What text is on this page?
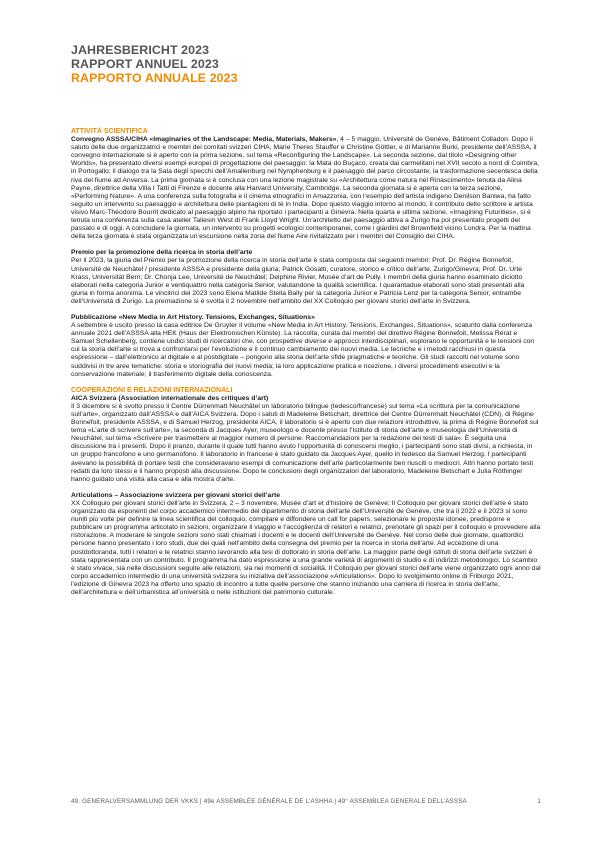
JAHRESBERICHT 2023
RAPPORT ANNUEL 2023
RAPPORTO ANNUALE 2023
ATTIVITÀ SCIENTIFICA

Convegno ASSSA/CIHA «Imaginaries of the Landscape: Media, Materials, Makers», 4 – 5 maggio, Université de Genève, Bâtiment Colladon. Dopo il saluto delle due organizzatrici e membri dei comitati svizzeri CIHA, Marie Theres Stauffer e Christine Göttler, e di Marianne Burki, presidente dell’ASSSA, il convegno internazionale si è aperto con la prima sezione, sul tema «Reconfiguring the Landscape». La seconda sezione, dal titolo «Designing other Worlds», ha presentato diversi esempi europei di progettazione del paesaggio: la Mata do Buçaco, creata dai carmelitani nel XVII secolo a nord di Coimbra, in Portogallo; il dialogo tra la Sala degli specchi dell’Amalienburg nel Nymphenburg e il paesaggio del parco circostante; la trasformazione secentesca della riva del fiume ad Anversa. La prima giornata si è conclusa con una lezione magistrale su «Architettura come natura nel Rinascimento» tenuta da Alina Payne, direttrice della Villa I Tatti di Firenze e docente alla Harvard University, Cambridge. La seconda giornata si è aperta con la terza sezione, «Performing Nature». A una conferenza sulla fotografia e il cinema etnografici in Amazzonia, con l’esempio dell’artista indigeno Denilson Baniwa, ha fatto seguito un intervento su paesaggio e architettura delle piantagioni di tè in India. Dopo questo viaggio intorno al mondo, il contributo dello scrittore e artista visivo Marc-Théodore Bourrit dedicato al paesaggio alpino ha riportato i partecipanti a Ginevra. Nella quarta e ultima sezione, «Imagining Futurities», si è tenuta una conferenza sulla casa atelier Taliesin West di Frank Lloyd Wright. Un’architetto del paesaggio attiva a Zurigo ha poi presentato progetti del passato e di oggi. A concludere la giornata, un intervento su progetti ecologici contemporanei, come i giardini del Brownfield vicino Londra. Per la mattina della terza giornata è stata organizzata un’escursione nella zona del fiume Aire rivitalizzato per i membri del Consiglio del CIHA.

Premio per la promozione della ricerca in storia dell’arte

Per il 2023, la giuria del Premio per la promozione della ricerca in storia dell’arte è stata composta dai seguenti membri: Prof. Dr. Régine Bonnefoit, Université de Neuchâtel / presidente ASSSA e presidente della giuria; Patrick Gosatti, curatore, storico e critico dell’arte, Zurigo/Ginevra; Prof. Dr. Urte Krass, Universität Bern; Dr. Chonja Lee, Université de Neuchâtel; Delphine Rivier, Musée d’art de Pully. I membri della giuria hanno esaminato diciotto elaborati nella categoria Junior e ventiquattro nella categoria Senior, valutandone la qualità scientifica. I quarantadue elaborati sono stati presentati alla giuria in forma anonima. Le vincitrici del 2023 sono Elena Matilde Stella Bally per la categoria Junior e Patricia Lenz per la categoria Senior, entrambe dell’Università di Zurigo. La premiazione si è svolta il 2 novembre nell’ambito del XX Colloquio per giovani storici dell’arte in Svizzera.

Pubblicazione «New Media in Art History. Tensions, Exchanges, Situations»

A settembre è uscito presso la casa editrice De Gruyter il volume «New Media in Art History. Tensions, Exchanges, Situations», scaturito dalla conferenza annuale 2021 dell’ASSSA alla HEK (Haus der Elektronischen Künste). La raccolta, curata dai membri del direttivo Régine Bonnefoit, Melissa Rérat e Samuel Schellenberg, contiene undici studi di ricercatori che, con prospettive diverse e approcci interdisciplinari, esplorano le opportunità e le tensioni con cui la storia dell’arte si trova a confrontarsi per l’evoluzione e il continuo cambiamento dei nuovi media. Le tecniche e i metodi racchiusi in questa espressione – dall’elettronico al digitale e al postdigitale – pongono alla storia dell’arte sfide pragmatiche e teoriche. Gli studi raccolti nel volume sono suddivisi in tre aree tematiche: storia e storiografia dei nuovi media; la loro applicazione pratica e ricezione, i diversi procedimenti esecutivi e la conservazione materiale; il trasferimento digitale della conoscenza.

COOPERAZIONI E RELAZIONI INTERNAZIONALI
AICA Svizzera (Association internationale des critiques d’art)

Il 3 dicembre si è svolto presso il Centre Dürrenmatt Neuchâtel un laboratorio bilingue (tedesco/francese) sul tema «La scrittura per la comunicazione sull’arte», organizzato dall’ASSSA e dall’AICA Svizzera. Dopo i saluti di Madeleine Betschart, direttrice del Centre Dürrenmatt Neuchâtel (CDN), di Régine Bonnefoit, presidente ASSSA, e di Samuel Herzog, presidente AICA, il laboratorio si è aperto con due relazioni introduttive, la prima di Régine Bonnefoit sul tema «L’arte di scrivere sull’arte», la seconda di Jacques Ayer, museologo e docente presso l’Istituto di storia dell’arte e museologia dell’Università di Neuchâtel, sul tema «Scrivere per trasmettere al maggior numero di persone. Raccomandazioni per la redazione dei testi di sala». È seguita una discussione tra i presenti. Dopo il pranzo, durante il quale tutti hanno avuto l’opportunità di conoscersi meglio, i partecipanti sono stati divisi, a richiesta, in un gruppo francofono e uno germanofono. Il laboratorio in francese è stato guidato da Jacques Ayer, quello in tedesco da Samuel Herzog. I partecipanti avevano la possibilità di portare testi che consideravano esempi di comunicazione dell’arte particolarmente ben riusciti o mediocri. Altri hanno portato testi redatti da loro stessi e li hanno proposti alla discussione. Dopo le conclusioni degli organizzatori del laboratorio, Madeleine Betschart e Julia Röthinger hanno guidato una visita alla casa e alla mostra d’arte.

Articulations – Associazione svizzera per giovani storici dell’arte

XX Colloquio per giovani storici dell’arte in Svizzera, 2 – 3 novembre, Musée d’art et d’histoire de Genève: Il Colloquio per giovani storici dell’arte è stato organizzato da esponenti del corpo accademico intermedio del dipartimento di storia dell’arte dell’Université de Genève, che tra il 2022 e il 2023 si sono riuniti più volte per definire la linea scientifica del colloquio, compilare e diffondere un call for papers, selezionare le proposte idonee, predisporre e pubblicare un programma articolato in sezioni, organizzare il viaggio e l’accoglienza di relatori e relatrici, prenotare gli spazi per il colloquio e provvedere alla ristorazione. A moderare le singole sezioni sono stati chiamati i docenti e le docenti dell’Université de Genève. Nel corso delle due giornate, quattordici persone hanno presentato i loro studi, due dei quali nell’ambito della consegna del premio per la ricerca in storia dell’arte. Ad eccezione di una postdottoranda, tutti i relatori e le relatrici stanno lavorando alla tesi di dottorato in storia dell’arte. La maggior parte degli istituti di storia dell’arte svizzeri è stata rappresentata con un contributo. Il programma ha dato espressione a una grande varietà di argomenti di studio e di indirizzi metodologici. Lo scambio è stato vivace, sia nelle discussioni seguite alle relazioni, sia nei momenti di socialità. Il Colloquio per giovani storici dell’arte viene organizzato ogni anno dal corpo accademico intermedio di una università svizzera su iniziativa dell’associazione «Articulations». Dopo lo svolgimento online di Friburgo 2021, l’edizione di Ginevra 2023 ha offerto uno spazio di incontro a tutte quelle persone che stanno iniziando una carriera di ricerca in storia dell’arte, dell’architettura e dell’urbanistica all’università o nelle istituzioni del patrimonio culturale.

49. GENERALVERSAMMLUNG DER VKKS | 49e ASSEMBLÉE GÉNÉRALE DE L’ASHHA | 49° ASSEMBLEA GENERALE DELL’ASSSA	1
